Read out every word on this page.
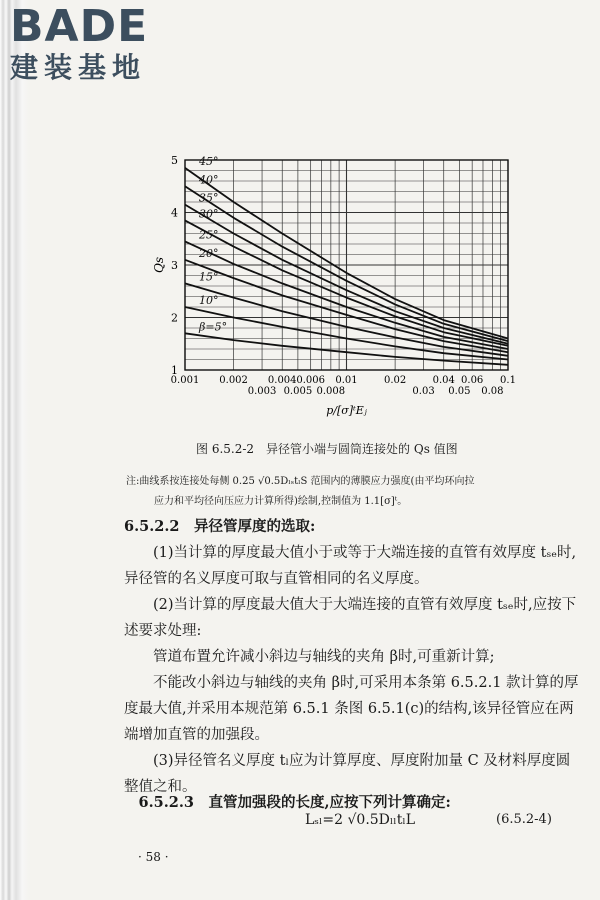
BADE
建装基地
45°
40°
35°
30°
25°
20°
15°
10°
β=5°
1
2
3
4
5
0.001 0.002 0.004 0.006 0.01	0.02	0.04 0.06 0.1
0.003 0.005 0.008	0.03 0.05 0.08
Qs
p/[σ]ᵗEⱼ
图 6.5.2-2　异径管小端与圆筒连接处的 Qs 值图
注:曲线系按连接处每侧 0.25 √0.5DₗₛtₗS 范围内的薄膜应力强度(由平均环向拉
应力和平均径向压应力计算所得)绘制,控制值为 1.1[σ]ᵗ。
6.5.2.2　异径管厚度的选取:
(1)当计算的厚度最大值小于或等于大端连接的直管有效厚度 tₛₑ时,异径管的名义厚度可取与直管相同的名义厚度。
(2)当计算的厚度最大值大于大端连接的直管有效厚度 tₛₑ时,应按下述要求处理:
管道布置允许减小斜边与轴线的夹角 β时,可重新计算;
不能改小斜边与轴线的夹角 β时,可采用本条第 6.5.2.1 款计算的厚度最大值,并采用本规范第 6.5.1 条图 6.5.1(c)的结构,该异径管应在两端增加直管的加强段。
(3)异径管名义厚度 tₗ应为计算厚度、厚度附加量 C 及材料厚度圆整值之和。
6.5.2.3　直管加强段的长度,应按下列计算确定:
Lₛₗ=2 √0.5DₗₗtₗL	(6.5.2-4)
· 58 ·
